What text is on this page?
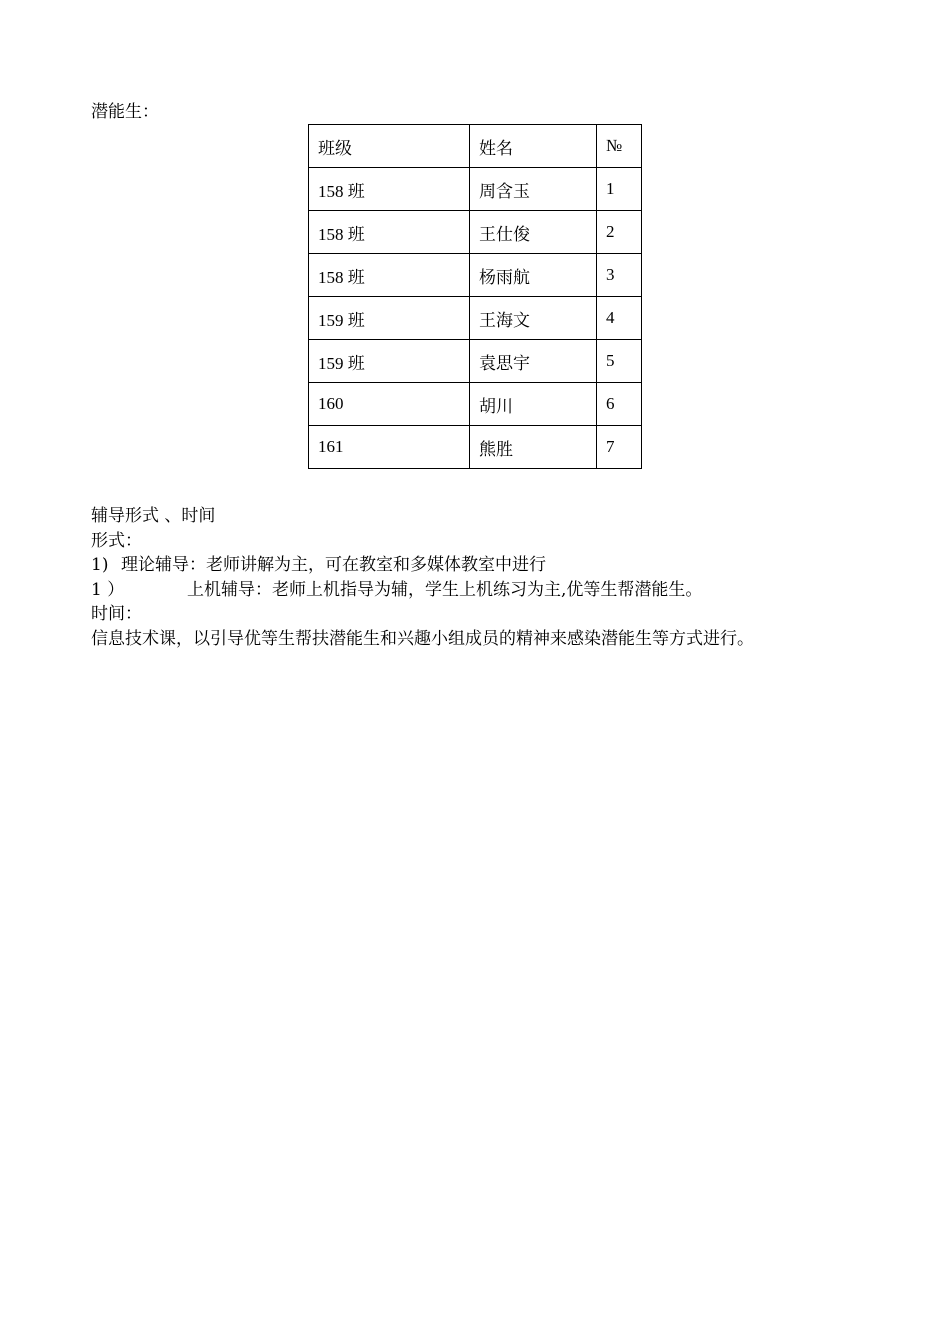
潜能生：
班级	姓名	№
158 班	周含玉	1
158 班	王仕俊	2
158 班	杨雨航	3
159 班	王海文	4
159 班	袁思宇	5
160	胡川	6
161	熊胜	7
辅导形式 、时间
形式：
1) 理论辅导：老师讲解为主，可在教室和多媒体教室中进行
1 ）	上机辅导：老师上机指导为辅，学生上机练习为主,优等生帮潜能生。
时间：
信息技术课，以引导优等生帮扶潜能生和兴趣小组成员的精神来感染潜能生等方式进行。
